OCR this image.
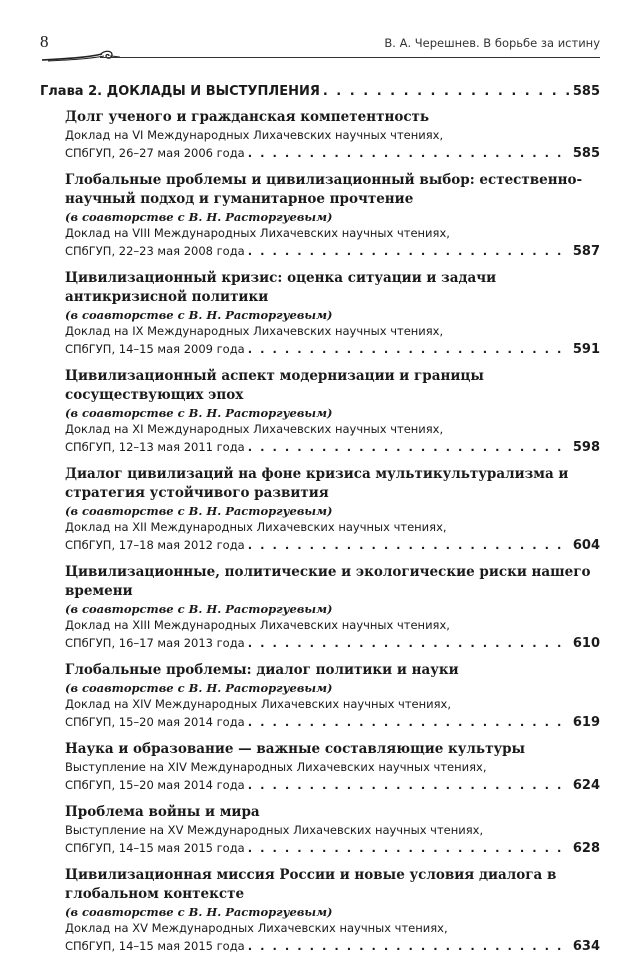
8	В. А. Черешнев. В борьбе за истину
Глава 2. ДОКЛАДЫ И ВЫСТУПЛЕНИЯ . . .	585
Долг ученого и гражданская компетентность
Доклад на VI Международных Лихачевских научных чтениях,
СПбГУП, 26–27 мая 2006 года . . .	585
Глобальные проблемы и цивилизационный выбор: естественно-научный подход и гуманитарное прочтение
(в соавторстве с В. Н. Расторгуевым)
Доклад на VIII Международных Лихачевских научных чтениях,
СПбГУП, 22–23 мая 2008 года . . .	587
Цивилизационный кризис: оценка ситуации и задачи антикризисной политики
(в соавторстве с В. Н. Расторгуевым)
Доклад на IX Международных Лихачевских научных чтениях,
СПбГУП, 14–15 мая 2009 года . . .	591
Цивилизационный аспект модернизации и границы сосуществующих эпох
(в соавторстве с В. Н. Расторгуевым)
Доклад на XI Международных Лихачевских научных чтениях,
СПбГУП, 12–13 мая 2011 года . . .	598
Диалог цивилизаций на фоне кризиса мультикультурализма и стратегия устойчивого развития
(в соавторстве с В. Н. Расторгуевым)
Доклад на XII Международных Лихачевских научных чтениях,
СПбГУП, 17–18 мая 2012 года . . .	604
Цивилизационные, политические и экологические риски нашего времени
(в соавторстве с В. Н. Расторгуевым)
Доклад на XIII Международных Лихачевских научных чтениях,
СПбГУП, 16–17 мая 2013 года . . .	610
Глобальные проблемы: диалог политики и науки
(в соавторстве с В. Н. Расторгуевым)
Доклад на XIV Международных Лихачевских научных чтениях,
СПбГУП, 15–20 мая 2014 года . . .	619
Наука и образование — важные составляющие культуры
Выступление на XIV Международных Лихачевских научных чтениях,
СПбГУП, 15–20 мая 2014 года . . .	624
Проблема войны и мира
Выступление на XV Международных Лихачевских научных чтениях,
СПбГУП, 14–15 мая 2015 года . . .	628
Цивилизационная миссия России и новые условия диалога в глобальном контексте
(в соавторстве с В. Н. Расторгуевым)
Доклад на XV Международных Лихачевских научных чтениях,
СПбГУП, 14–15 мая 2015 года . . .	634
